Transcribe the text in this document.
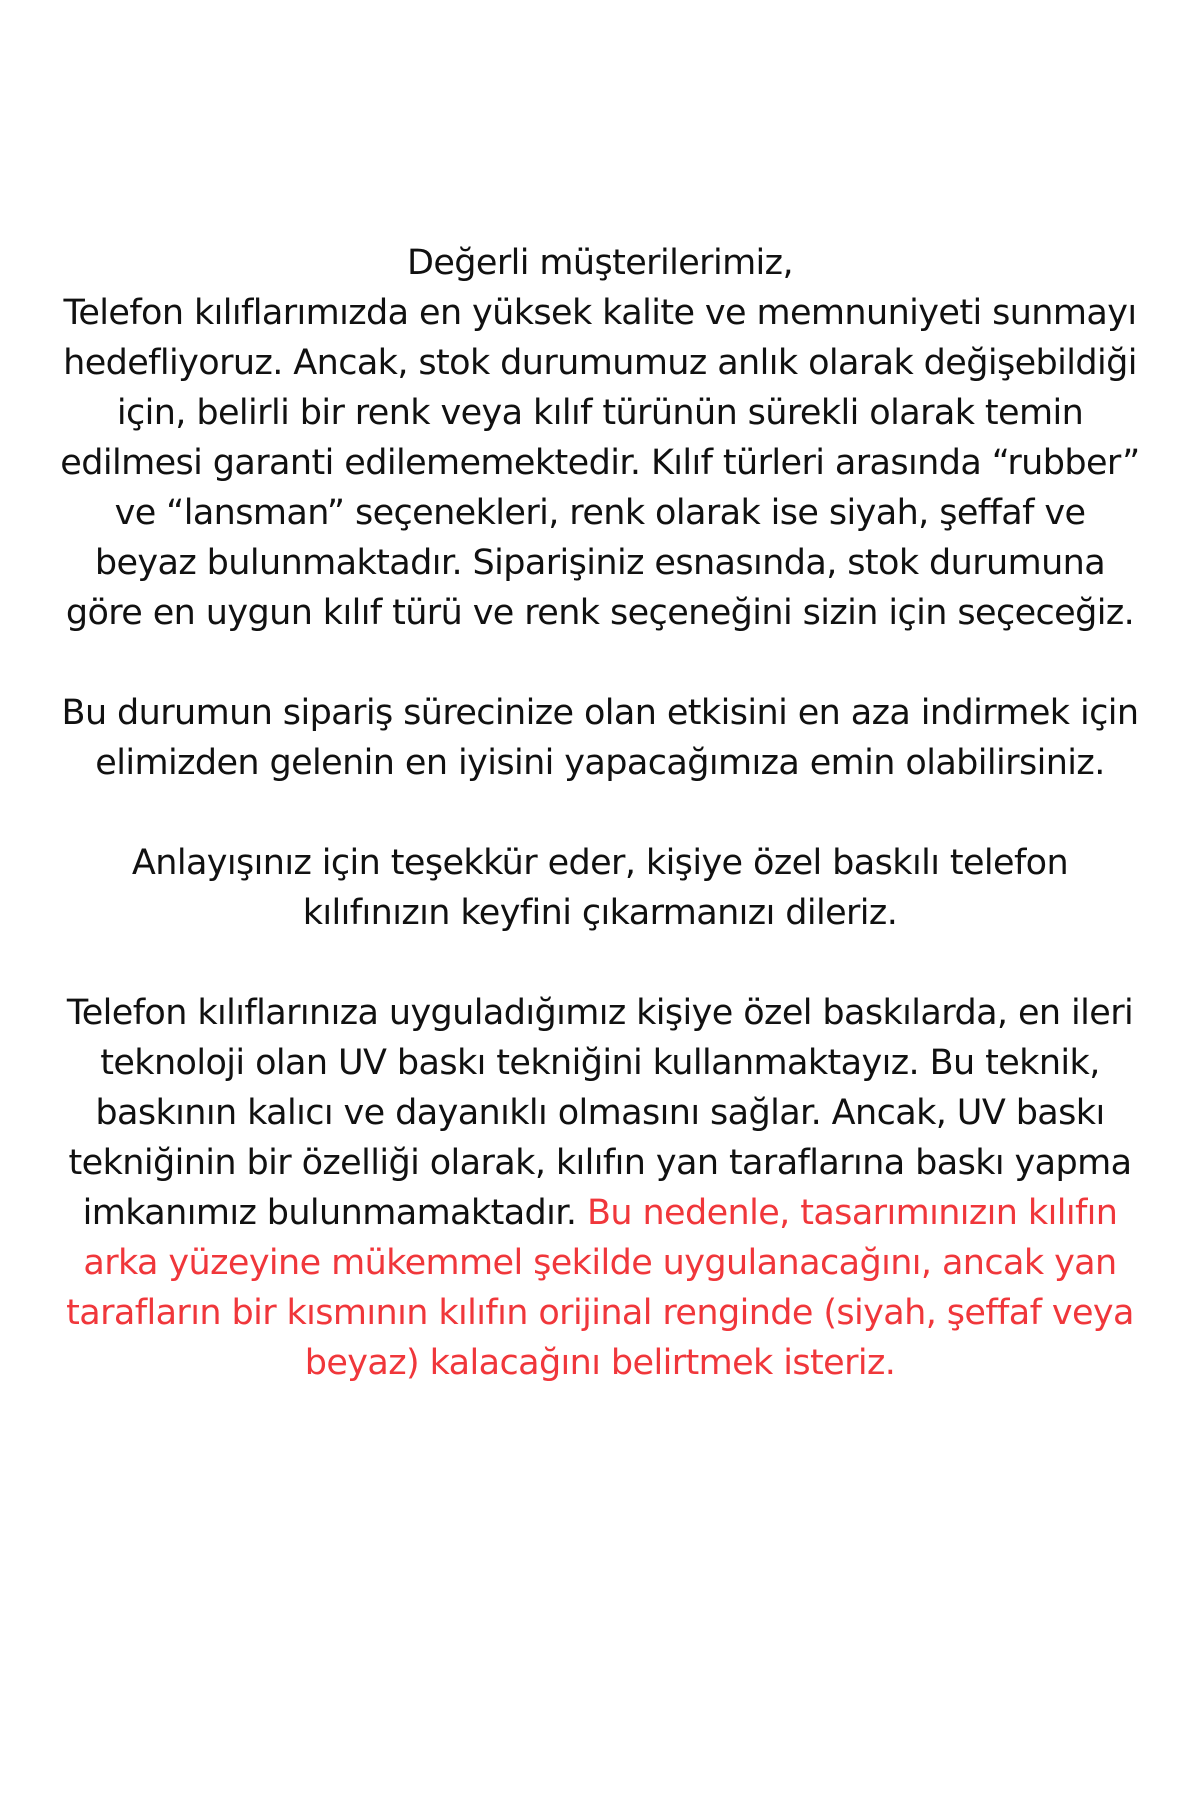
Değerli müşterilerimiz,

Telefon kılıflarımızda en yüksek kalite ve memnuniyeti sunmayı hedefliyoruz. Ancak, stok durumumuz anlık olarak değişebildiği için, belirli bir renk veya kılıf türünün sürekli olarak temin edilmesi garanti edilememektedir. Kılıf türleri arasında “rubber” ve “lansman” seçenekleri, renk olarak ise siyah, şeffaf ve beyaz bulunmaktadır. Siparişiniz esnasında, stok durumuna göre en uygun kılıf türü ve renk seçeneğini sizin için seçeceğiz.

Bu durumun sipariş sürecinize olan etkisini en aza indirmek için elimizden gelenin en iyisini yapacağımıza emin olabilirsiniz.

Anlayışınız için teşekkür eder, kişiye özel baskılı telefon kılıfınızın keyfini çıkarmanızı dileriz.

Telefon kılıflarınıza uyguladığımız kişiye özel baskılarda, en ileri teknoloji olan UV baskı tekniğini kullanmaktayız. Bu teknik, baskının kalıcı ve dayanıklı olmasını sağlar. Ancak, UV baskı tekniğinin bir özelliği olarak, kılıfın yan taraflarına baskı yapma imkanımız bulunmamaktadır. Bu nedenle, tasarımınızın kılıfın arka yüzeyine mükemmel şekilde uygulanacağını, ancak yan tarafların bir kısmının kılıfın orijinal renginde (siyah, şeffaf veya beyaz) kalacağını belirtmek isteriz.
